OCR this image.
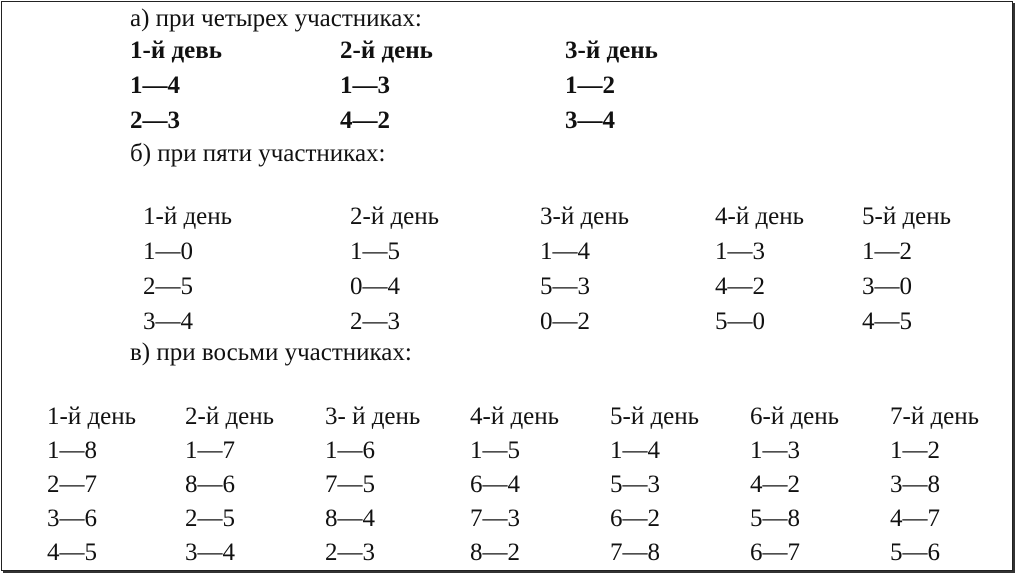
а) при четырех участниках:
1-й девь
1—4
2—3
2-й день
1—3
4—2
3-й день
1—2
3—4
б) при пяти участниках:
1-й день
1—0
2—5
3—4
2-й день
1—5
0—4
2—3
3-й день
1—4
5—3
0—2
4-й день
1—3
4—2
5—0
5-й день
1—2
3—0
4—5
в) при восьми участниках:
1-й день
1—8
2—7
3—6
4—5
2-й день
1—7
8—6
2—5
3—4
3- й день
1—6
7—5
8—4
2—3
4-й день
1—5
6—4
7—3
8—2
5-й день
1—4
5—3
6—2
7—8
6-й день
1—3
4—2
5—8
6—7
7-й день
1—2
3—8
4—7
5—6
